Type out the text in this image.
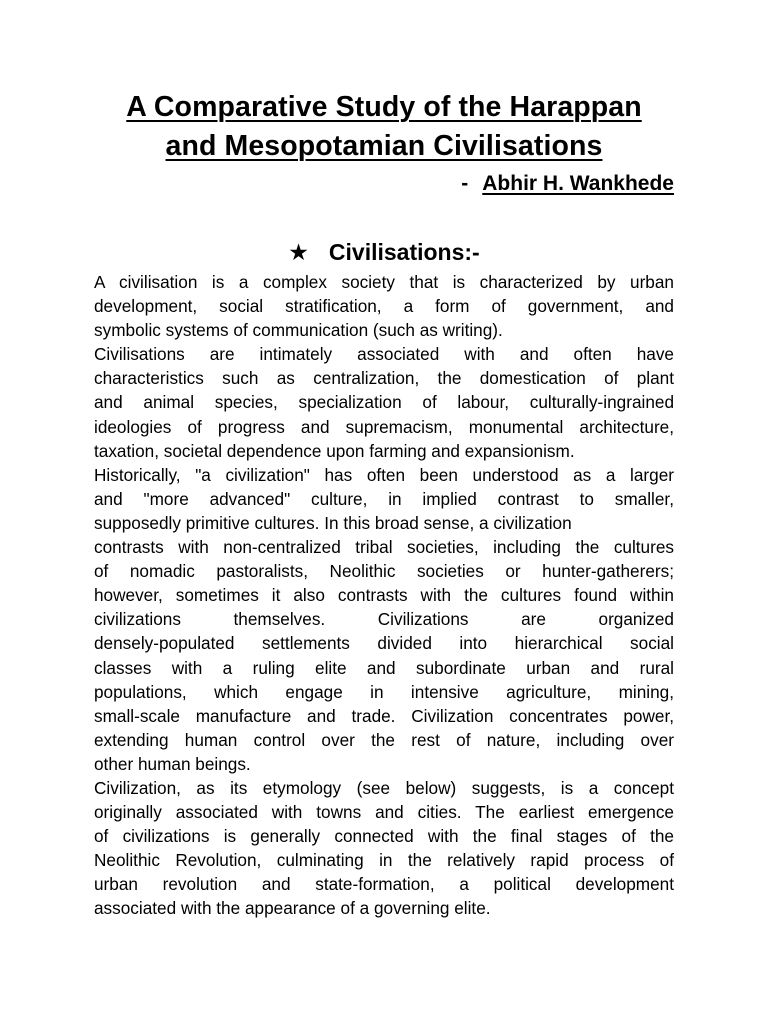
A Comparative Study of the Harappan
and Mesopotamian Civilisations
- Abhir H. Wankhede
★ Civilisations:-

A civilisation is a complex society that is characterized by urban
development, social stratification, a form of government, and
symbolic systems of communication (such as writing).

Civilisations are intimately associated with and often have
characteristics such as centralization, the domestication of plant
and animal species, specialization of labour, culturally-ingrained
ideologies of progress and supremacism, monumental architecture,
taxation, societal dependence upon farming and expansionism.

Historically, "a civilization" has often been understood as a larger
and "more advanced" culture, in implied contrast to smaller,
supposedly primitive cultures. In this broad sense, a civilization
contrasts with non-centralized tribal societies, including the cultures
of nomadic pastoralists, Neolithic societies or hunter-gatherers;
however, sometimes it also contrasts with the cultures found within
civilizations themselves. Civilizations are organized
densely-populated settlements divided into hierarchical social
classes with a ruling elite and subordinate urban and rural
populations, which engage in intensive agriculture, mining,
small-scale manufacture and trade. Civilization concentrates power,
extending human control over the rest of nature, including over
other human beings.

Civilization, as its etymology (see below) suggests, is a concept
originally associated with towns and cities. The earliest emergence
of civilizations is generally connected with the final stages of the
Neolithic Revolution, culminating in the relatively rapid process of
urban revolution and state-formation, a political development
associated with the appearance of a governing elite.
